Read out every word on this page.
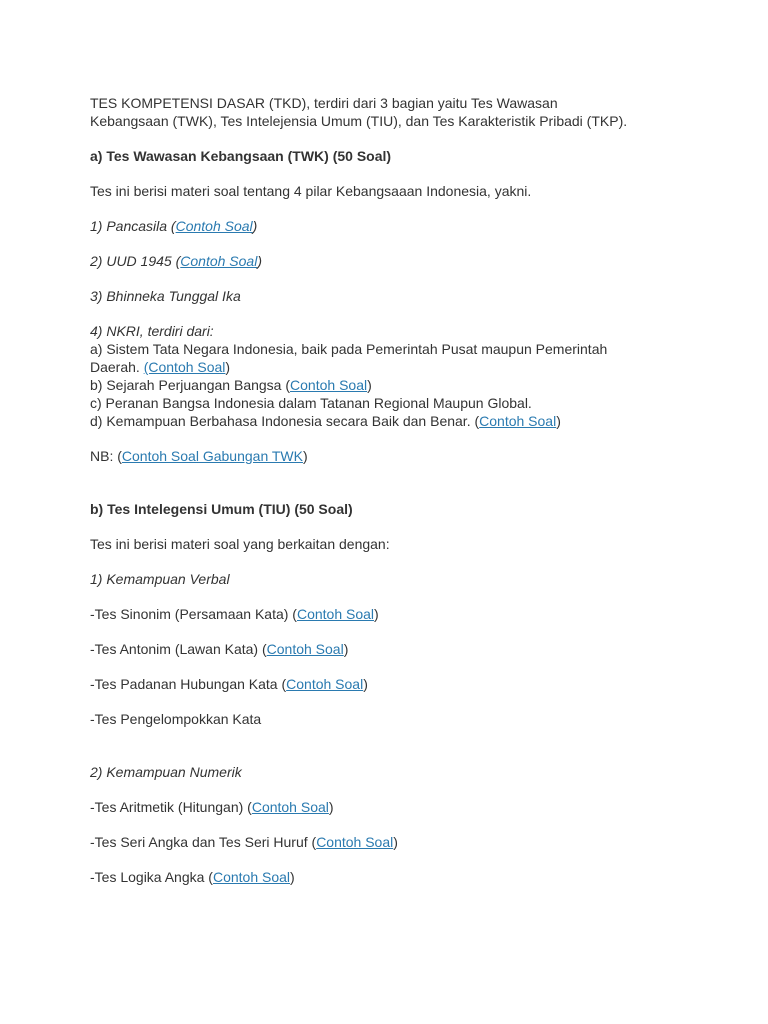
TES KOMPETENSI DASAR (TKD), terdiri dari 3 bagian yaitu Tes Wawasan
Kebangsaan (TWK), Tes Intelejensia Umum (TIU), dan Tes Karakteristik Pribadi (TKP).

a) Tes Wawasan Kebangsaan (TWK) (50 Soal)

Tes ini berisi materi soal tentang 4 pilar Kebangsaaan Indonesia, yakni.

1) Pancasila (Contoh Soal)

2) UUD 1945 (Contoh Soal)

3) Bhinneka Tunggal Ika

4) NKRI, terdiri dari:

a) Sistem Tata Negara Indonesia, baik pada Pemerintah Pusat maupun Pemerintah
Daerah. (Contoh Soal)

b) Sejarah Perjuangan Bangsa (Contoh Soal)

c) Peranan Bangsa Indonesia dalam Tatanan Regional Maupun Global.

d) Kemampuan Berbahasa Indonesia secara Baik dan Benar. (Contoh Soal)

NB: (Contoh Soal Gabungan TWK)

b) Tes Intelegensi Umum (TIU) (50 Soal)

Tes ini berisi materi soal yang berkaitan dengan:

1) Kemampuan Verbal

-Tes Sinonim (Persamaan Kata) (Contoh Soal)

-Tes Antonim (Lawan Kata) (Contoh Soal)

-Tes Padanan Hubungan Kata (Contoh Soal)

-Tes Pengelompokkan Kata

2) Kemampuan Numerik

-Tes Aritmetik (Hitungan) (Contoh Soal)

-Tes Seri Angka dan Tes Seri Huruf (Contoh Soal)

-Tes Logika Angka (Contoh Soal)
